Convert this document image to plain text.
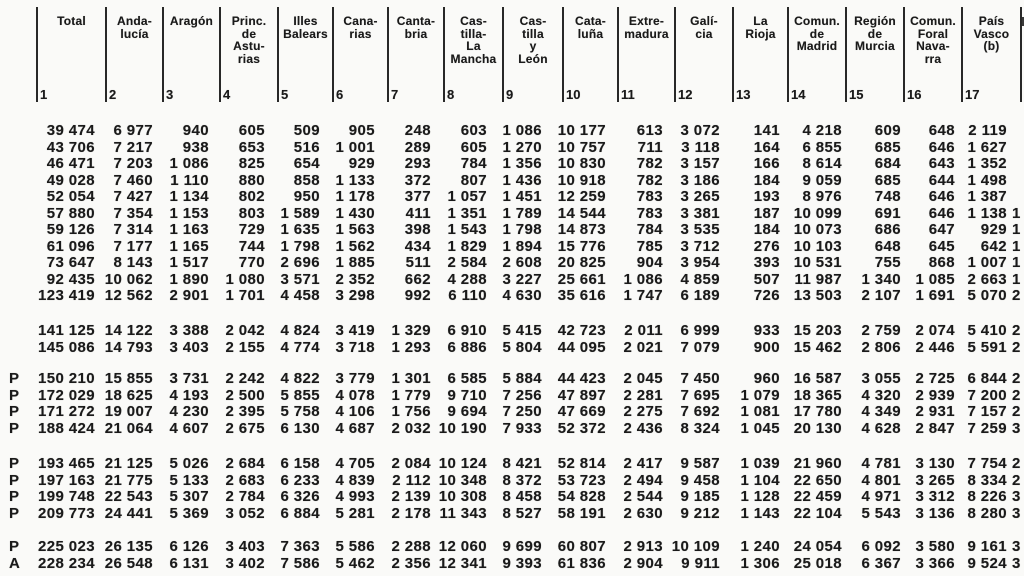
Total
1
Anda-
lucía
2
Aragón
3
Princ.
de
Astu-
rias
4
Illes
Balears
5
Cana-
rias
6
Canta-
bria
7
Cas-
tilla-
La
Mancha
8
Cas-
tilla
y
León
9
Cata-
luña
10
Extre-
madura
11
Galí-
cia
12
La
Rioja
13
Comun.
de
Madrid
14
Región
de
Murcia
15
Comun.
Foral
Nava-
rra
16
País
Vasco
(b)
17
39 474 6 977 940 605 509 905 248 603 1 086 10 177 613 3 072 141 4 218 609 648 2 119
43 706 7 217 938 653 516 1 001 289 605 1 270 10 757 711 3 118 164 6 855 685 646 1 627
46 471 7 203 1 086 825 654 929 293 784 1 356 10 830 782 3 157 166 8 614 684 643 1 352
49 028 7 460 1 110 880 858 1 133 372 807 1 436 10 918 782 3 186 184 9 059 685 644 1 498
52 054 7 427 1 134 802 950 1 178 377 1 057 1 451 12 259 783 3 265 193 8 976 748 646 1 387
57 880 7 354 1 153 803 1 589 1 430 411 1 351 1 789 14 544 783 3 381 187 10 099 691 646 1 138 1
59 126 7 314 1 163 729 1 635 1 563 398 1 543 1 798 14 873 784 3 535 184 10 073 686 647 929 1
61 096 7 177 1 165 744 1 798 1 562 434 1 829 1 894 15 776 785 3 712 276 10 103 648 645 642 1
73 647 8 143 1 517 770 2 696 1 885 511 2 584 2 608 20 825 904 3 954 393 10 531 755 868 1 007 1
92 435 10 062 1 890 1 080 3 571 2 352 662 4 288 3 227 25 661 1 086 4 859 507 11 987 1 340 1 085 2 663 1
123 419 12 562 2 901 1 701 4 458 3 298 992 6 110 4 630 35 616 1 747 6 189 726 13 503 2 107 1 691 5 070 2
141 125 14 122 3 388 2 042 4 824 3 419 1 329 6 910 5 415 42 723 2 011 6 999 933 15 203 2 759 2 074 5 410 2
145 086 14 793 3 403 2 155 4 774 3 718 1 293 6 886 5 804 44 095 2 021 7 079 900 15 462 2 806 2 446 5 591 2
P 150 210 15 855 3 731 2 242 4 822 3 779 1 301 6 585 5 884 44 423 2 045 7 450 960 16 587 3 055 2 725 6 844 2
P 172 029 18 625 4 193 2 500 5 855 4 078 1 779 9 710 7 256 47 897 2 281 7 695 1 079 18 365 4 320 2 939 7 200 2
P 171 272 19 007 4 230 2 395 5 758 4 106 1 756 9 694 7 250 47 669 2 275 7 692 1 081 17 780 4 349 2 931 7 157 2
P 188 424 21 064 4 607 2 675 6 130 4 687 2 032 10 190 7 933 52 372 2 436 8 324 1 045 20 130 4 628 2 847 7 259 3
P 193 465 21 125 5 026 2 684 6 158 4 705 2 084 10 124 8 421 52 814 2 417 9 587 1 039 21 960 4 781 3 130 7 754 2
P 197 163 21 775 5 133 2 683 6 233 4 839 2 112 10 348 8 372 53 723 2 494 9 458 1 104 22 650 4 801 3 265 8 334 2
P 199 748 22 543 5 307 2 784 6 326 4 993 2 139 10 308 8 458 54 828 2 544 9 185 1 128 22 459 4 971 3 312 8 226 3
P 209 773 24 441 5 369 3 052 6 884 5 281 2 178 11 343 8 527 58 191 2 630 9 212 1 143 22 104 5 543 3 136 8 280 3
P 225 023 26 135 6 126 3 403 7 363 5 586 2 288 12 060 9 699 60 807 2 913 10 109 1 240 24 054 6 092 3 580 9 161 3
A 228 234 26 548 6 131 3 402 7 586 5 462 2 356 12 341 9 393 61 836 2 904 9 911 1 306 25 018 6 367 3 366 9 524 3
